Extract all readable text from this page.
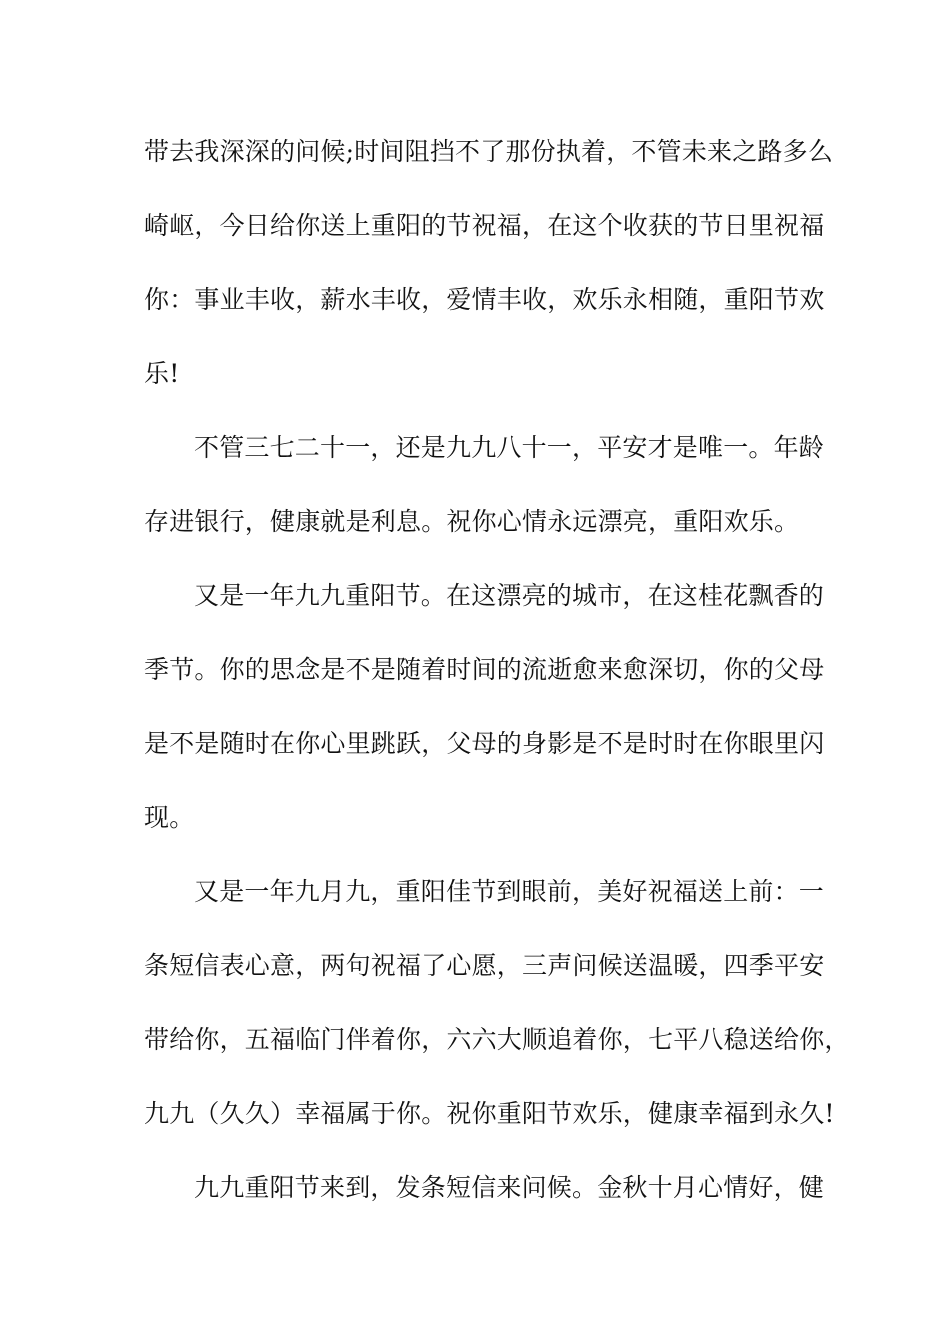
带去我深深的问候;时间阻挡不了那份执着，不管未来之路多么
崎岖，今日给你送上重阳的节祝福，在这个收获的节日里祝福
你：事业丰收，薪水丰收，爱情丰收，欢乐永相随，重阳节欢
乐!
不管三七二十一，还是九九八十一，平安才是唯一。年龄
存进银行，健康就是利息。祝你心情永远漂亮，重阳欢乐。
又是一年九九重阳节。在这漂亮的城市，在这桂花飘香的
季节。你的思念是不是随着时间的流逝愈来愈深切，你的父母
是不是随时在你心里跳跃，父母的身影是不是时时在你眼里闪
现。
又是一年九月九，重阳佳节到眼前，美好祝福送上前：一
条短信表心意，两句祝福了心愿，三声问候送温暖，四季平安
带给你，五福临门伴着你，六六大顺追着你，七平八稳送给你，
九九（久久）幸福属于你。祝你重阳节欢乐，健康幸福到永久!
九九重阳节来到，发条短信来问候。金秋十月心情好，健
